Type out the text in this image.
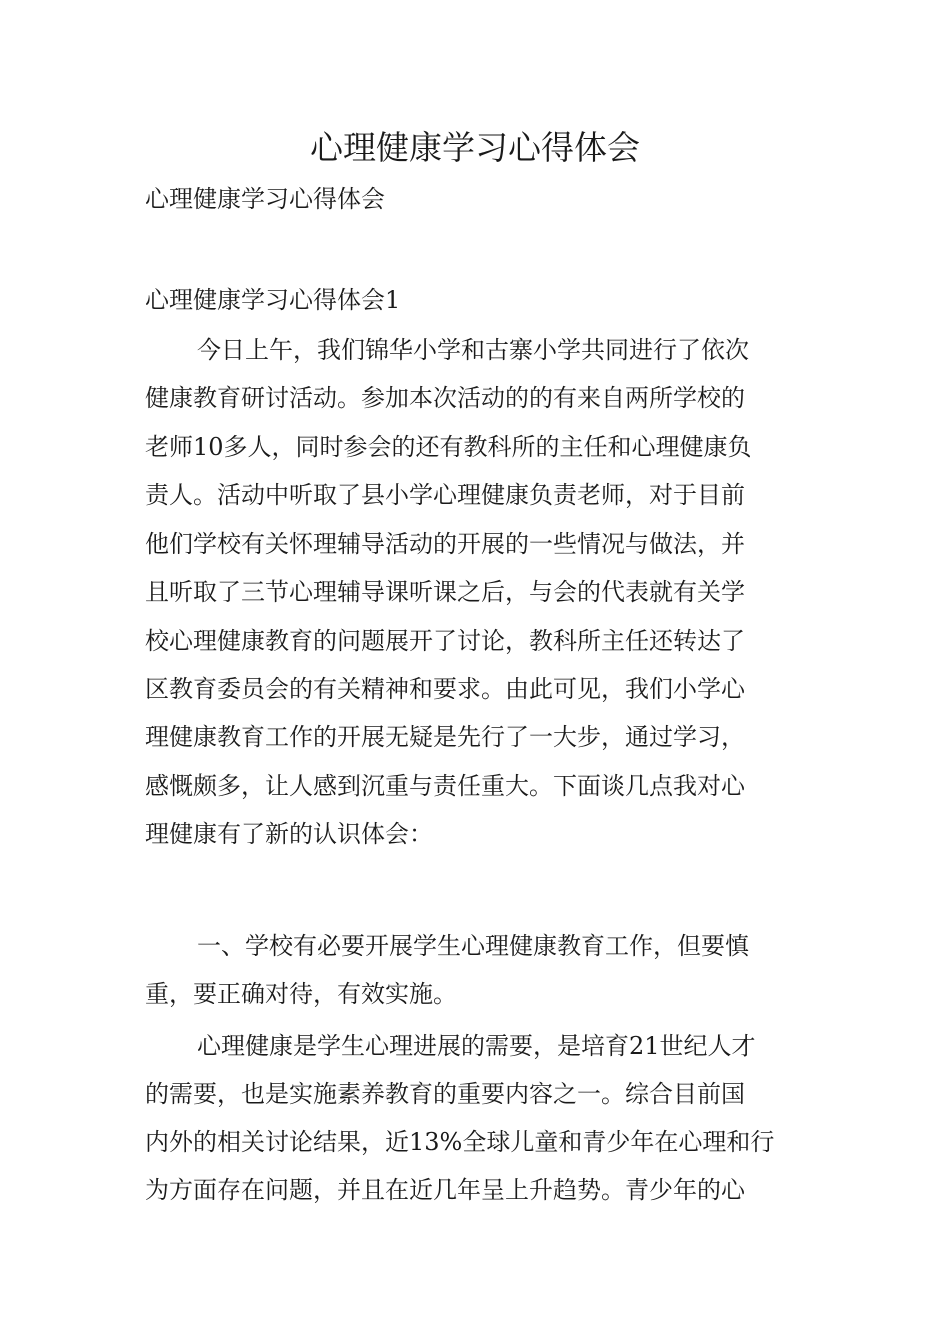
心理健康学习心得体会
心理健康学习心得体会
心理健康学习心得体会1
今日上午，我们锦华小学和古寨小学共同进行了依次
健康教育研讨活动。参加本次活动的的有来自两所学校的
老师10多人，同时参会的还有教科所的主任和心理健康负
责人。活动中听取了县小学心理健康负责老师，对于目前
他们学校有关怀理辅导活动的开展的一些情况与做法，并
且听取了三节心理辅导课听课之后，与会的代表就有关学
校心理健康教育的问题展开了讨论，教科所主任还转达了
区教育委员会的有关精神和要求。由此可见，我们小学心
理健康教育工作的开展无疑是先行了一大步，通过学习，
感慨颇多，让人感到沉重与责任重大。下面谈几点我对心
理健康有了新的认识体会：
一、学校有必要开展学生心理健康教育工作，但要慎
重，要正确对待，有效实施。
心理健康是学生心理进展的需要，是培育21世纪人才
的需要，也是实施素养教育的重要内容之一。综合目前国
内外的相关讨论结果，近13%全球儿童和青少年在心理和行
为方面存在问题，并且在近几年呈上升趋势。青少年的心
